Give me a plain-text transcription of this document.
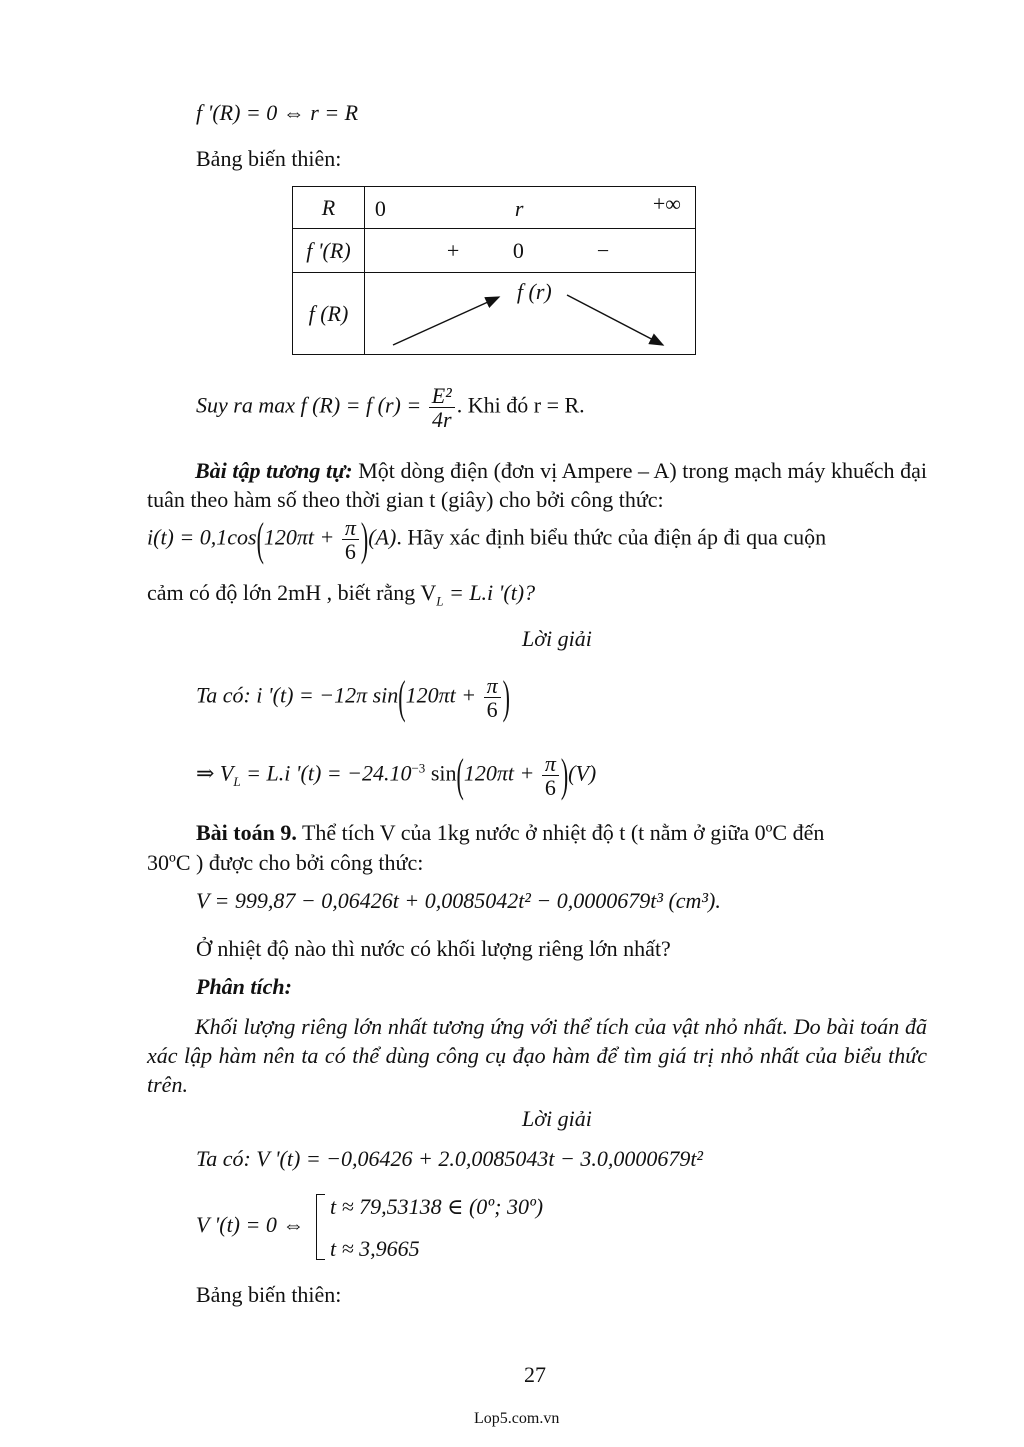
f '(R) = 0 ⇔ r = R
Bảng biến thiên:
R	0 r +∞

f '(R)	+ 0 −

f (R)	f (r)
Suy ra max f (R) = f $(r) = \frac{\text{E²}}{4r}$ . Khi đó r = R.
Bài tập tương tự: Một dòng điện (đơn vị Ampere – A) trong mạch máy khuếch đại tuân theo hàm số theo thời gian t (giây) cho bởi công thức:
$i(t) = 0,1\cos(120\pi t + \frac{\pi}{6} )(A)$. Hãy xác định biểu thức của điện áp đi qua cuộn
cảm có độ lớn 2mH , biết rằng $V_L = L.i$ '(t)?
Lời giải
Ta có: i '(t) = −12π $\sin(120\pi t + \frac{\pi}{6}$ )
⇒ $V_L = L.i$ '$(t) = -24.10^{-3}$ $\sin(120\pi t + \frac{\pi}{6} )(V)$
Bài toán 9. Thể tích V của 1kg nước ở nhiệt độ t (t nằm ở giữa 0ºC đến
30ºC ) được cho bởi công thức:
V = 999,87 − 0,06426t + 0,0085042t² − 0,0000679t³ (cm³).
Ở nhiệt độ nào thì nước có khối lượng riêng lớn nhất?
Phân tích:
Khối lượng riêng lớn nhất tương ứng với thể tích của vật nhỏ nhất. Do bài toán đã xác lập hàm nên ta có thể dùng công cụ đạo hàm để tìm giá trị nhỏ nhất của biểu thức trên.
Lời giải
Ta có: V '(t) = −0,06426 + 2.0,0085043t − 3.0,0000679t²
V '(t) = 0 ⇔
t ≈ 79,53138 ∈ (0º; 30º)
t ≈ 3,9665
Bảng biến thiên:
27
Lop5.com.vn
